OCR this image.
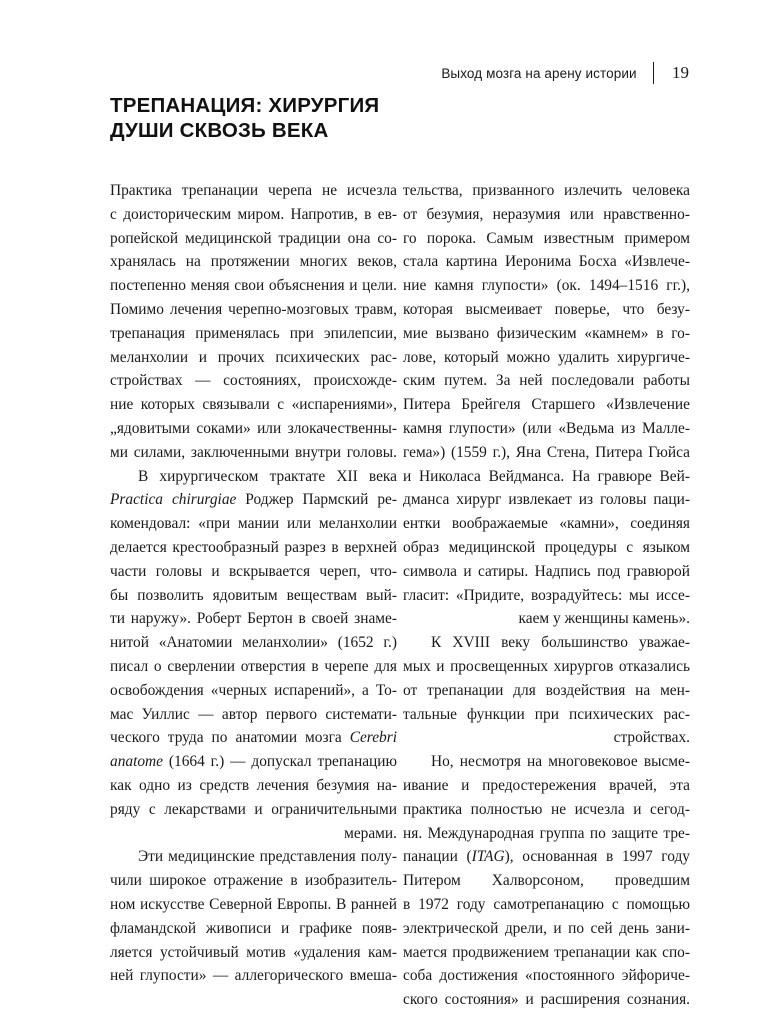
Выход мозга на арену истории 19
ТРЕПАНАЦИЯ: ХИРУРГИЯ
ДУШИ СКВОЗЬ ВЕКА
Практика трепанации черепа не исчезла
с доисторическим миром. Напротив, в ев-
ропейской медицинской традиции она со-
хранялась на протяжении многих веков,
постепенно меняя свои объяснения и цели.
Помимо лечения черепно-мозговых травм,
трепанация применялась при эпилепсии,
меланхолии и прочих психических рас-
стройствах — состояниях, происхожде-
ние которых связывали с «испарениями»,
„ядовитыми соками» или злокачественны-
ми силами, заключенными внутри головы.
В хирургическом трактате XII века
Practica chirurgiae Роджер Пармский ре-
комендовал: «при мании или меланхолии
делается крестообразный разрез в верхней
части головы и вскрывается череп, что-
бы позволить ядовитым веществам вый-
ти наружу». Роберт Бертон в своей знаме-
нитой «Анатомии меланхолии» (1652 г.)
писал о сверлении отверстия в черепе для
освобождения «черных испарений», а То-
мас Уиллис — автор первого системати-
ческого труда по анатомии мозга Cerebri
anatome (1664 г.) — допускал трепанацию
как одно из средств лечения безумия на-
ряду с лекарствами и ограничительными
мерами.
Эти медицинские представления полу-
чили широкое отражение в изобразитель-
ном искусстве Северной Европы. В ранней
фламандской живописи и графике появ-
ляется устойчивый мотив «удаления кам-
ней глупости» — аллегорического вмеша-
тельства, призванного излечить человека
от безумия, неразумия или нравственно-
го порока. Самым известным примером
стала картина Иеронима Босха «Извлече-
ние камня глупости» (ок. 1494–1516 гг.),
которая высмеивает поверье, что безу-
мие вызвано физическим «камнем» в го-
лове, который можно удалить хирургиче-
ским путем. За ней последовали работы
Питера Брейгеля Старшего «Извлечение
камня глупости» (или «Ведьма из Малле-
гема») (1559 г.), Яна Стена, Питера Гюйса
и Николаса Вейдманса. На гравюре Вей-
дманса хирург извлекает из головы паци-
ентки воображаемые «камни», соединяя
образ медицинской процедуры с языком
символа и сатиры. Надпись под гравюрой
гласит: «Придите, возрадуйтесь: мы иссе-
каем у женщины камень».
К XVIII веку большинство уважае-
мых и просвещенных хирургов отказались
от трепанации для воздействия на мен-
тальные функции при психических рас-
стройствах.
Но, несмотря на многовековое высме-
ивание и предостережения врачей, эта
практика полностью не исчезла и сегод-
ня. Международная группа по защите тре-
панации (ITAG), основанная в 1997 году
Питером Халворсоном, проведшим
в 1972 году самотрепанацию с помощью
электрической дрели, и по сей день зани-
мается продвижением трепанации как спо-
соба достижения «постоянного эйфориче-
ского состояния» и расширения сознания.
